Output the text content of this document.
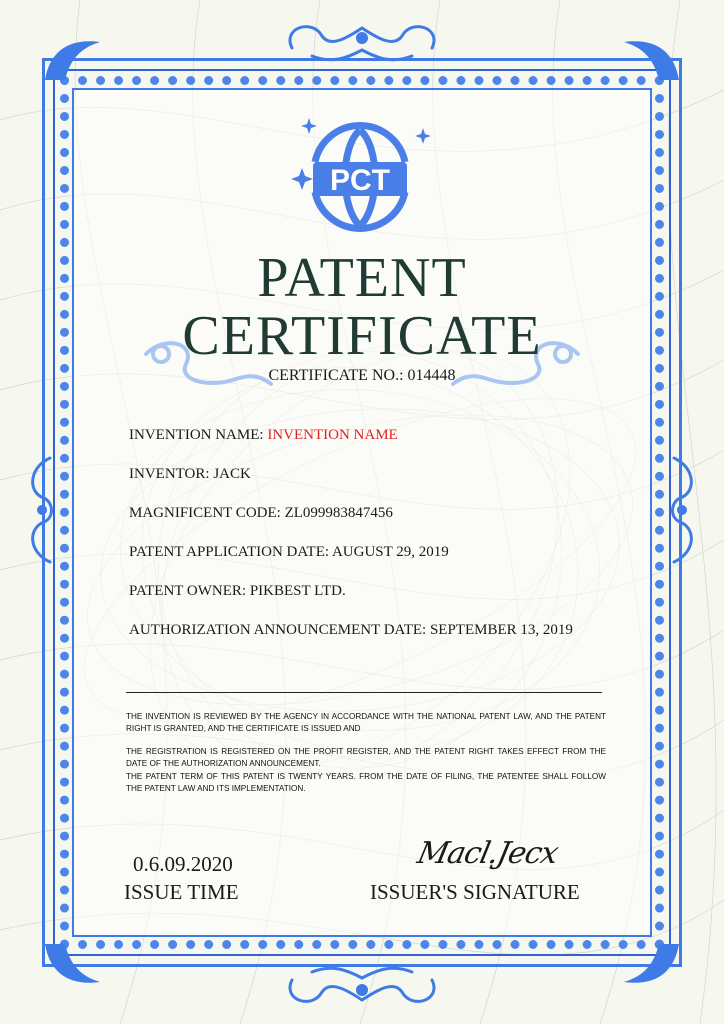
PCT
PATENT
CERTIFICATE
CERTIFICATE NO.: 014448
INVENTION NAME: INVENTION NAME
INVENTOR: JACK
MAGNIFICENT CODE: ZL099983847456
PATENT APPLICATION DATE: AUGUST 29, 2019
PATENT OWNER: PIKBEST LTD.
AUTHORIZATION ANNOUNCEMENT DATE: SEPTEMBER 13, 2019
THE INVENTION IS REVIEWED BY THE AGENCY IN ACCORDANCE WITH THE NATIONAL PATENT LAW, AND THE PATENT RIGHT IS GRANTED, AND THE CERTIFICATE IS ISSUED AND
THE REGISTRATION IS REGISTERED ON THE PROFIT REGISTER, AND THE PATENT RIGHT TAKES EFFECT FROM THE DATE OF THE AUTHORIZATION ANNOUNCEMENT.
THE PATENT TERM OF THIS PATENT IS TWENTY YEARS. FROM THE DATE OF FILING, THE PATENTEE SHALL FOLLOW THE PATENT LAW AND ITS IMPLEMENTATION.
0.6.09.2020
ISSUE TIME
Macl.Jecx
ISSUER'S SIGNATURE
